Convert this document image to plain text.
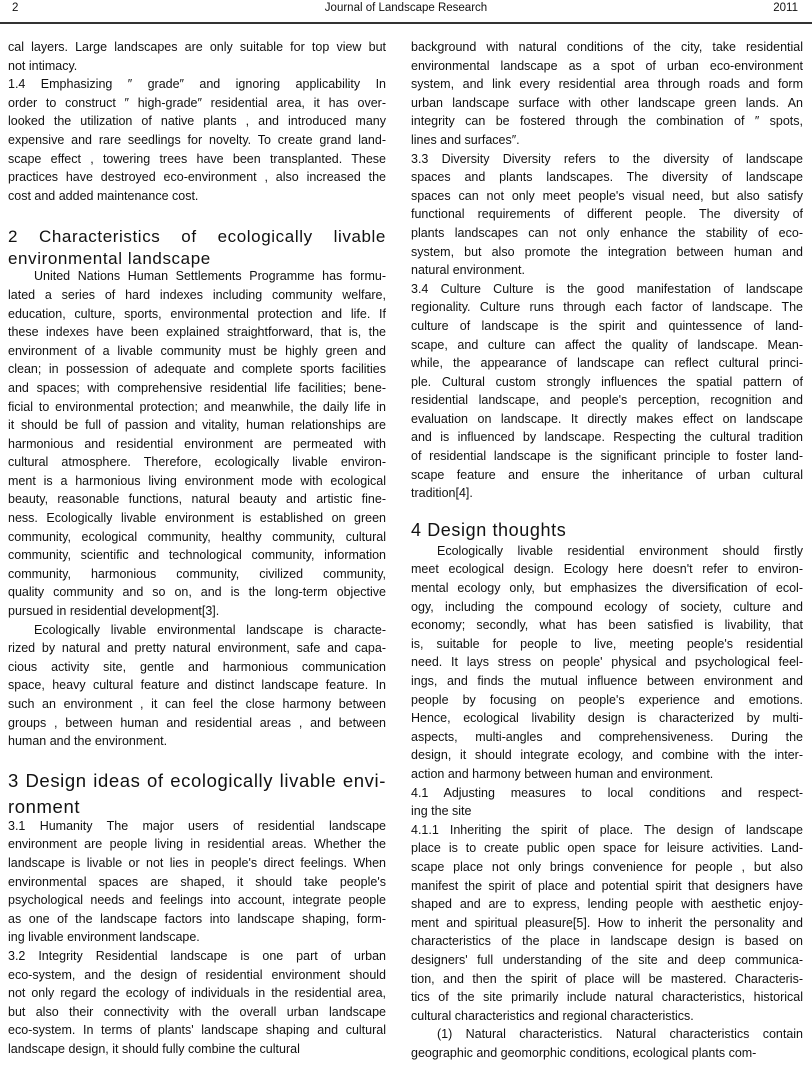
2	Journal of Landscape Research	2011
cal layers. Large landscapes are only suitable for top view but
not intimacy.
1.4 Emphasizing ″ grade″ and ignoring applicability In
order to construct ″ high-grade″ residential area, it has over-
looked the utilization of native plants , and introduced many
expensive and rare seedlings for novelty. To create grand land-
scape effect , towering trees have been transplanted. These
practices have destroyed eco-environment , also increased the
cost and added maintenance cost.
2 Characteristics of ecologically livable
environmental landscape
United Nations Human Settlements Programme has formu-
lated a series of hard indexes including community welfare,
education, culture, sports, environmental protection and life. If
these indexes have been explained straightforward, that is, the
environment of a livable community must be highly green and
clean; in possession of adequate and complete sports facilities
and spaces; with comprehensive residential life facilities; bene-
ficial to environmental protection; and meanwhile, the daily life in
it should be full of passion and vitality, human relationships are
harmonious and residential environment are permeated with
cultural atmosphere. Therefore, ecologically livable environ-
ment is a harmonious living environment mode with ecological
beauty, reasonable functions, natural beauty and artistic fine-
ness. Ecologically livable environment is established on green
community, ecological community, healthy community, cultural
community, scientific and technological community, information
community, harmonious community, civilized community,
quality community and so on, and is the long-term objective
pursued in residential development[3].
Ecologically livable environmental landscape is characte-
rized by natural and pretty natural environment, safe and capa-
cious activity site, gentle and harmonious communication
space, heavy cultural feature and distinct landscape feature. In
such an environment , it can feel the close harmony between
groups , between human and residential areas , and between
human and the environment.
3 Design ideas of ecologically livable envi-
ronment
3.1 Humanity The major users of residential landscape
environment are people living in residential areas. Whether the
landscape is livable or not lies in people's direct feelings. When
environmental spaces are shaped, it should take people's
psychological needs and feelings into account, integrate people
as one of the landscape factors into landscape shaping, form-
ing livable environment landscape.
3.2 Integrity Residential landscape is one part of urban
eco-system, and the design of residential environment should
not only regard the ecology of individuals in the residential area,
but also their connectivity with the overall urban landscape
eco-system. In terms of plants' landscape shaping and cultural
landscape design, it should fully combine the cultural
background with natural conditions of the city, take residential
environmental landscape as a spot of urban eco-environment
system, and link every residential area through roads and form
urban landscape surface with other landscape green lands. An
integrity can be fostered through the combination of ″ spots,
lines and surfaces″.
3.3 Diversity Diversity refers to the diversity of landscape
spaces and plants landscapes. The diversity of landscape
spaces can not only meet people's visual need, but also satisfy
functional requirements of different people. The diversity of
plants landscapes can not only enhance the stability of eco-
system, but also promote the integration between human and
natural environment.
3.4 Culture Culture is the good manifestation of landscape
regionality. Culture runs through each factor of landscape. The
culture of landscape is the spirit and quintessence of land-
scape, and culture can affect the quality of landscape. Mean-
while, the appearance of landscape can reflect cultural princi-
ple. Cultural custom strongly influences the spatial pattern of
residential landscape, and people's perception, recognition and
evaluation on landscape. It directly makes effect on landscape
and is influenced by landscape. Respecting the cultural tradition
of residential landscape is the significant principle to foster land-
scape feature and ensure the inheritance of urban cultural
tradition[4].
4 Design thoughts
Ecologically livable residential environment should firstly
meet ecological design. Ecology here doesn't refer to environ-
mental ecology only, but emphasizes the diversification of ecol-
ogy, including the compound ecology of society, culture and
economy; secondly, what has been satisfied is livability, that
is, suitable for people to live, meeting people's residential
need. It lays stress on people' physical and psychological feel-
ings, and finds the mutual influence between environment and
people by focusing on people's experience and emotions.
Hence, ecological livability design is characterized by multi-
aspects, multi-angles and comprehensiveness. During the
design, it should integrate ecology, and combine with the inter-
action and harmony between human and environment.
4.1 Adjusting measures to local conditions and respect-
ing the site
4.1.1 Inheriting the spirit of place. The design of landscape
place is to create public open space for leisure activities. Land-
scape place not only brings convenience for people , but also
manifest the spirit of place and potential spirit that designers have
shaped and are to express, lending people with aesthetic enjoy-
ment and spiritual pleasure[5]. How to inherit the personality and
characteristics of the place in landscape design is based on
designers' full understanding of the site and deep communica-
tion, and then the spirit of place will be mastered. Characteris-
tics of the site primarily include natural characteristics, historical
cultural characteristics and regional characteristics.
(1) Natural characteristics. Natural characteristics contain
geographic and geomorphic conditions, ecological plants com-
